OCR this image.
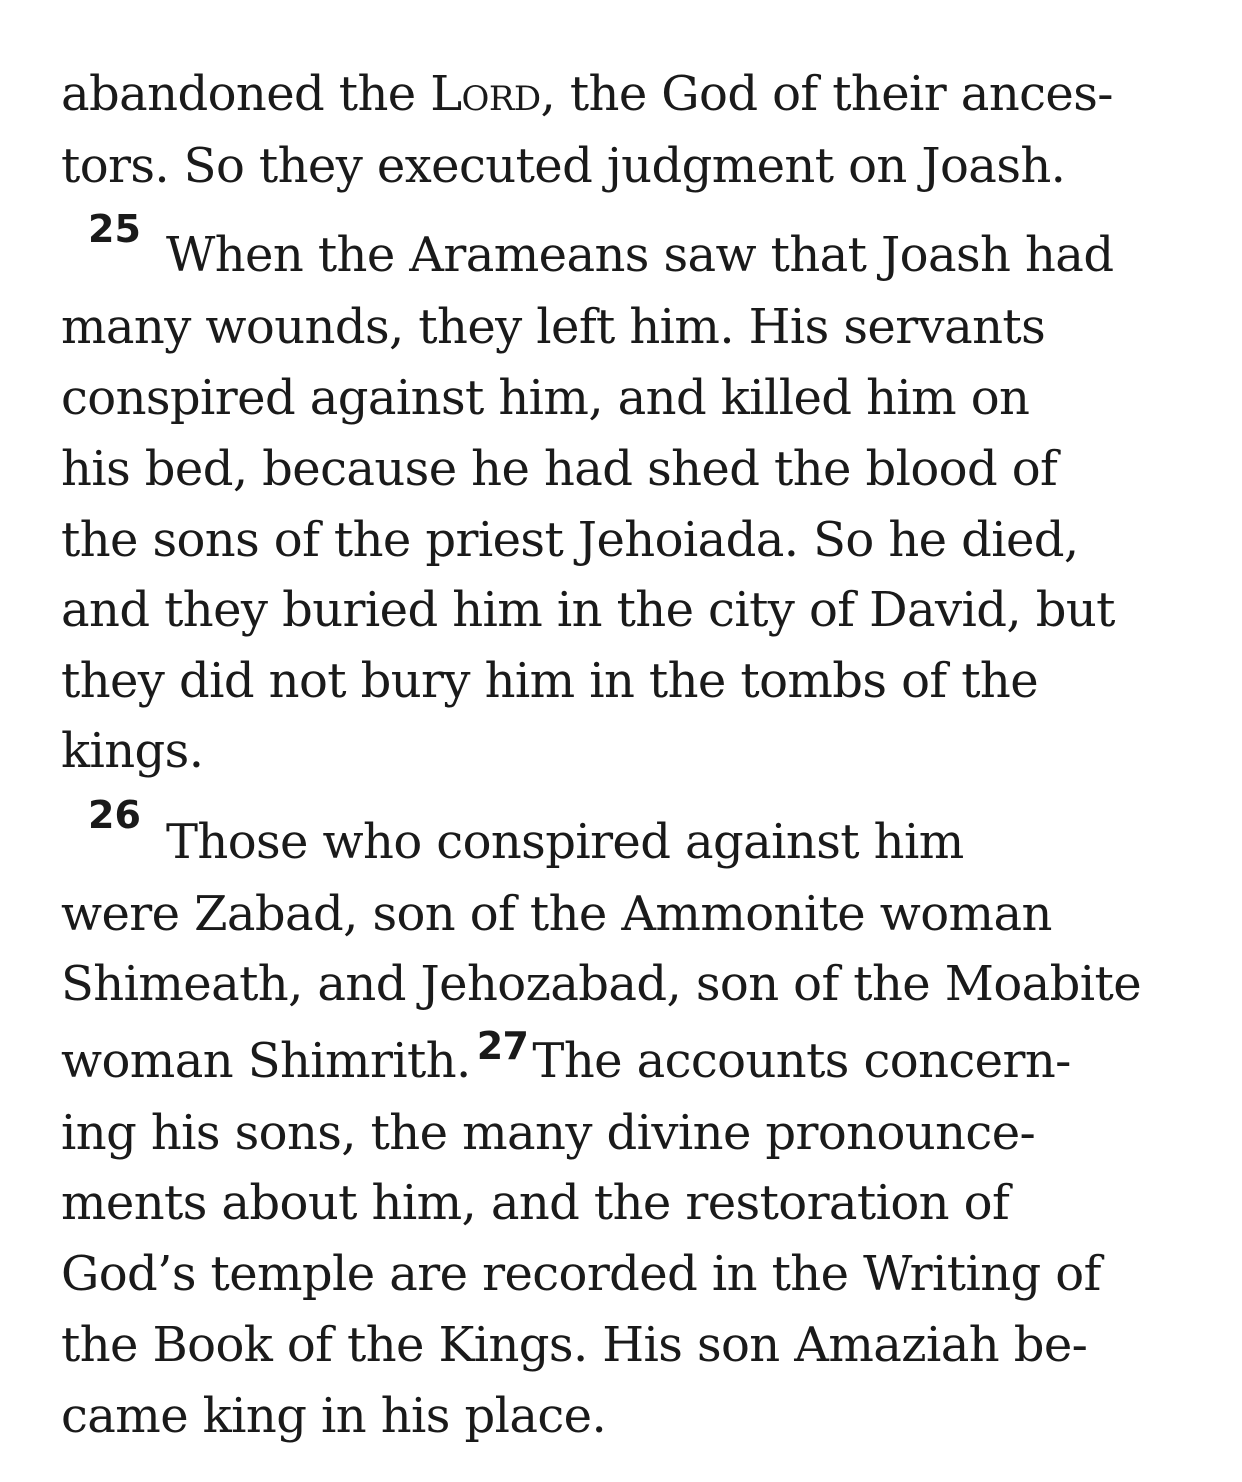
abandoned the Lord, the God of their ances-
tors. So they executed judgment on Joash.
25 When the Arameans saw that Joash had
many wounds, they left him. His servants
conspired against him, and killed him on
his bed, because he had shed the blood of
the sons of the priest Jehoiada. So he died,
and they buried him in the city of David, but
they did not bury him in the tombs of the
kings.
26 Those who conspired against him
were Zabad, son of the Ammonite woman
Shimeath, and Jehozabad, son of the Moabite
woman Shimrith. $^{27}$The accounts concern-
ing his sons, the many divine pronounce-
ments about him, and the restoration of
God’s temple are recorded in the Writing of
the Book of the Kings. His son Amaziah be-
came king in his place.
